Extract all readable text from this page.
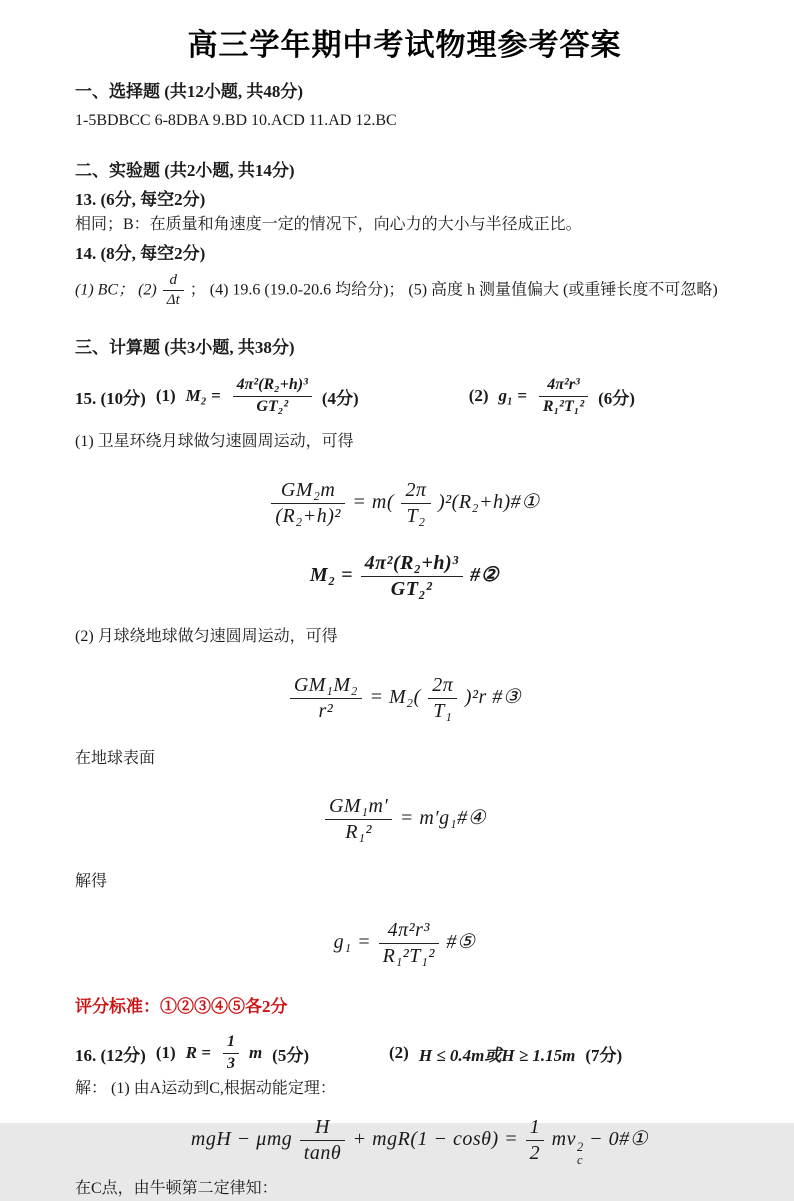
高三学年期中考试物理参考答案
一、选择题 (共12小题, 共48分)
1-5BDBCC 6-8DBA 9.BD 10.ACD 11.AD 12.BC
二、实验题 (共2小题, 共14分)
13. (6分, 每空2分)
相同；B：在质量和角速度一定的情况下，向心力的大小与半径成正比。
14. (8分, 每空2分)
(1) BC； $(2) \frac{d}{\Delta t}$ ； (4) 19.6 (19.0-20.6 均给分)； (5) 高度 h 测量值偏大 (或重锤长度不可忽略)
三、计算题 (共3小题, 共38分)
15. (10分) (1) $M_2 = \frac{\text{4π²(R₂+h)³}}{\text{GT₂²}} (4$分)	(2) $g_1 = \frac{\text{4π²r³}}{\text{R₁²T₁²}} (6$分)
(1) 卫星环绕月球做匀速圆周运动，可得
$\frac{\text{GM₂m}}{\text{(R₂+h)²}} = m( \frac{2\pi}{\text{T₂}}$ )²(R₂+h)#①
$M_2 = \frac{\text{4π²(R₂+h)³}}{\text{GT₂²}}$ #②
(2) 月球绕地球做匀速圆周运动，可得
$\frac{\text{GM₁M₂}}{\text{r²}} = M_2( \frac{2\pi}{\text{T₁}} )^2r$ #③
在地球表面
$\frac{\text{GM₁m′}}{\text{R₁²}}$ = m′g₁#④
解得
$g_1 = \frac{\text{4π²r³}}{\text{R₁²T₁²}}$ #⑤
评分标准：①②③④⑤各2分
16. (12分) (1) $R = \frac{1}{3}$ m (5分)	(2) H ≤ 0.4m或H ≥ 1.15m (7分)
解： (1) 由A运动到C,根据动能定理：
mgH − μmg $\frac{H}{\tan\theta} + mgR(1 - \cos\theta) = \frac{1}{2}$ mv 2
c
− 0#①
在C点，由牛顿第二定律知：
